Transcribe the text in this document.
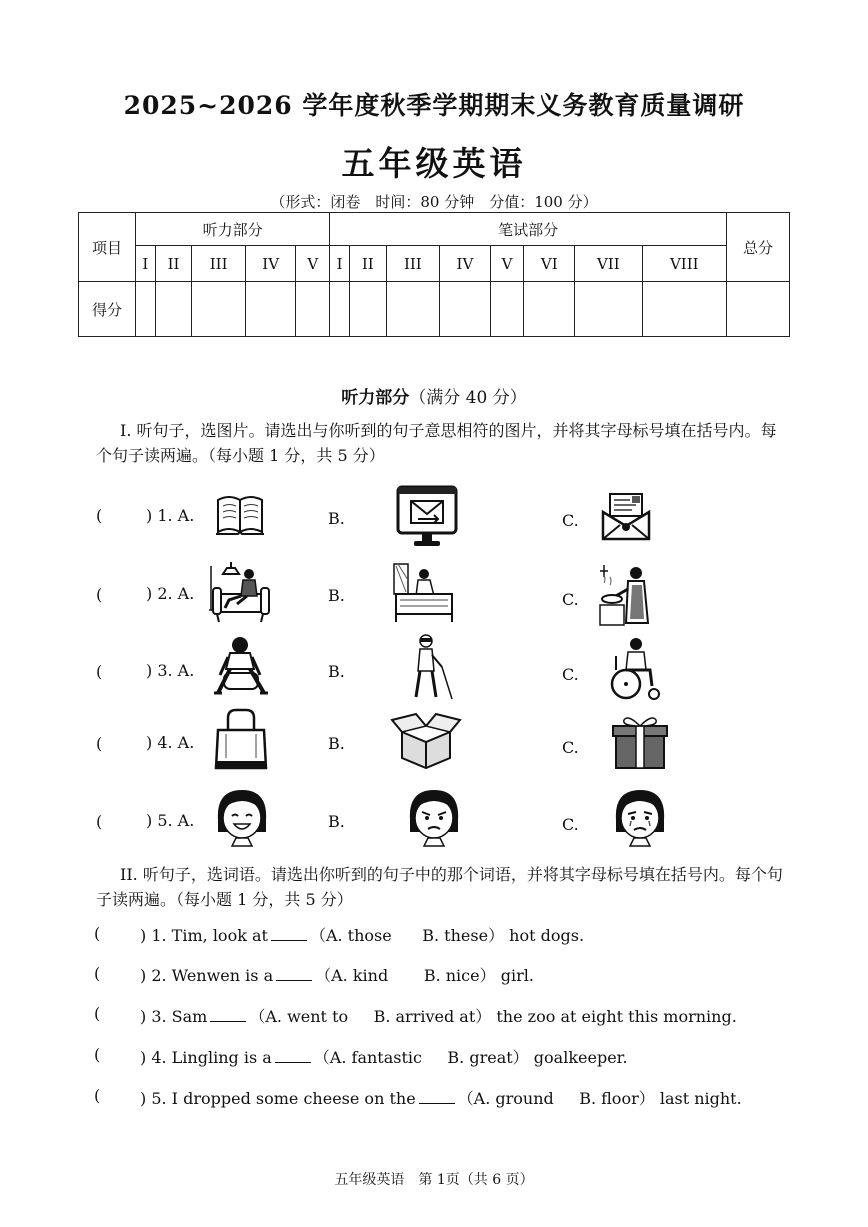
2025~2026 学年度秋季学期期末义务教育质量调研
五年级英语
（形式：闭卷　时间：80 分钟　分值：100 分）
项目	听力部分					笔试部分								总分
	I	II	III	IV	V	I	II	III	IV	V	VI	VII	VIII	
得分														
听力部分（满分 40 分）
I. 听句子，选图片。请选出与你听到的句子意思相符的图片，并将其字母标号填在括号内。每个句子读两遍。（每小题 1 分，共 5 分）
(	) 1. A.	B.	C.
(	) 2. A.	B.	C.
(	) 3. A.	B.	C.
(	) 4. A.	B.	C.
(	) 5. A.	B.	C.
II. 听句子，选词语。请选出你听到的句子中的那个词语，并将其字母标号填在括号内。每个句子读两遍。（每小题 1 分，共 5 分）
( ) 1. Tim, look at	（A. those B. these） hot dogs.
( ) 2. Wenwen is a	（A. kind B. nice） girl.
( ) 3. Sam	（A. went to B. arrived at） the zoo at eight this morning.
( ) 4. Lingling is a	（A. fantastic B. great） goalkeeper.
( ) 5. I dropped some cheese on the	（A. ground B. floor） last night.
五年级英语　第 1页（共 6 页）
